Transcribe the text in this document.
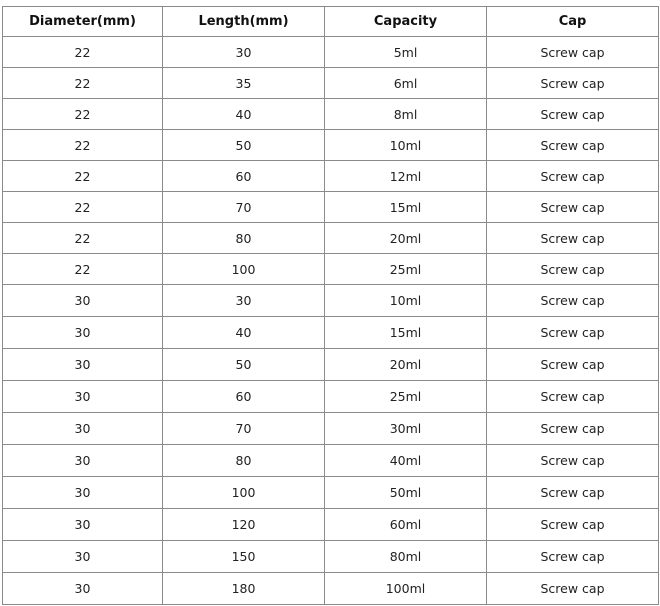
Diameter(mm)	Length(mm)	Capacity	Cap
22	30	5ml	Screw cap
22	35	6ml	Screw cap
22	40	8ml	Screw cap
22	50	10ml	Screw cap
22	60	12ml	Screw cap
22	70	15ml	Screw cap
22	80	20ml	Screw cap
22	100	25ml	Screw cap
30	30	10ml	Screw cap
30	40	15ml	Screw cap
30	50	20ml	Screw cap
30	60	25ml	Screw cap
30	70	30ml	Screw cap
30	80	40ml	Screw cap
30	100	50ml	Screw cap
30	120	60ml	Screw cap
30	150	80ml	Screw cap
30	180	100ml	Screw cap
